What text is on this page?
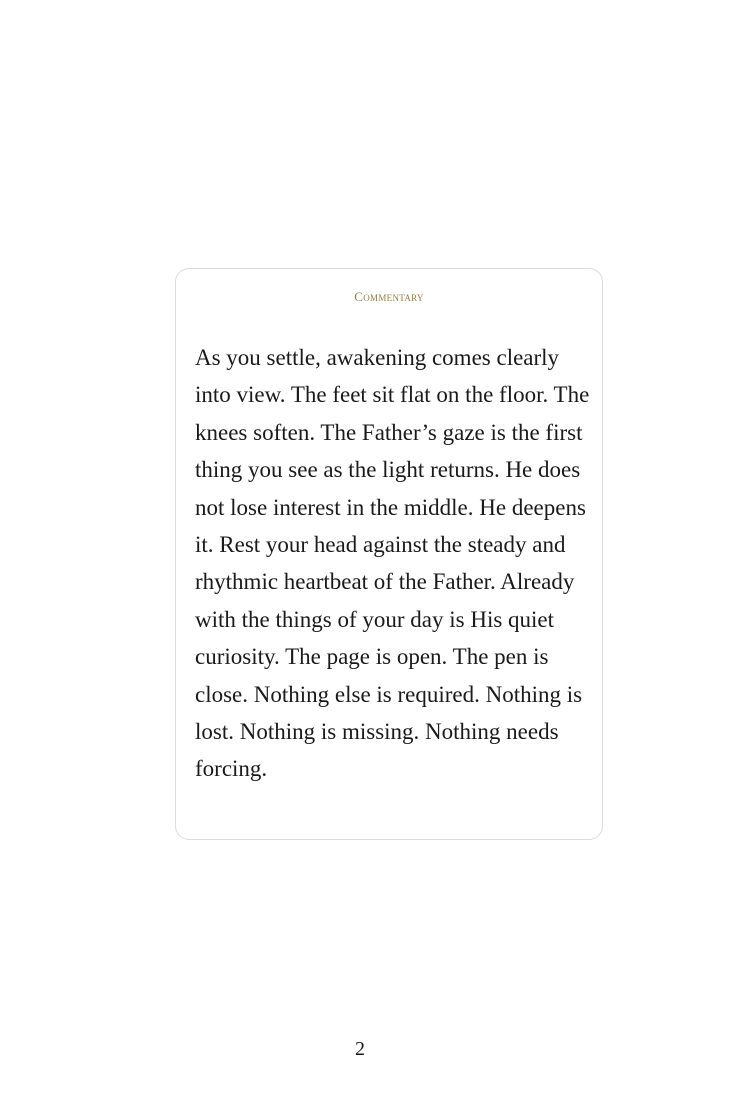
Commentary

As you settle, awakening comes clearly into view. The feet sit flat on the floor. The knees soften. The Father’s gaze is the first thing you see as the light returns. He does not lose interest in the middle. He deepens it. Rest your head against the steady and rhythmic heartbeat of the Father. Already with the things of your day is His quiet curiosity. The page is open. The pen is close. Nothing else is required. Nothing is lost. Nothing is missing. Nothing needs forcing.

2
